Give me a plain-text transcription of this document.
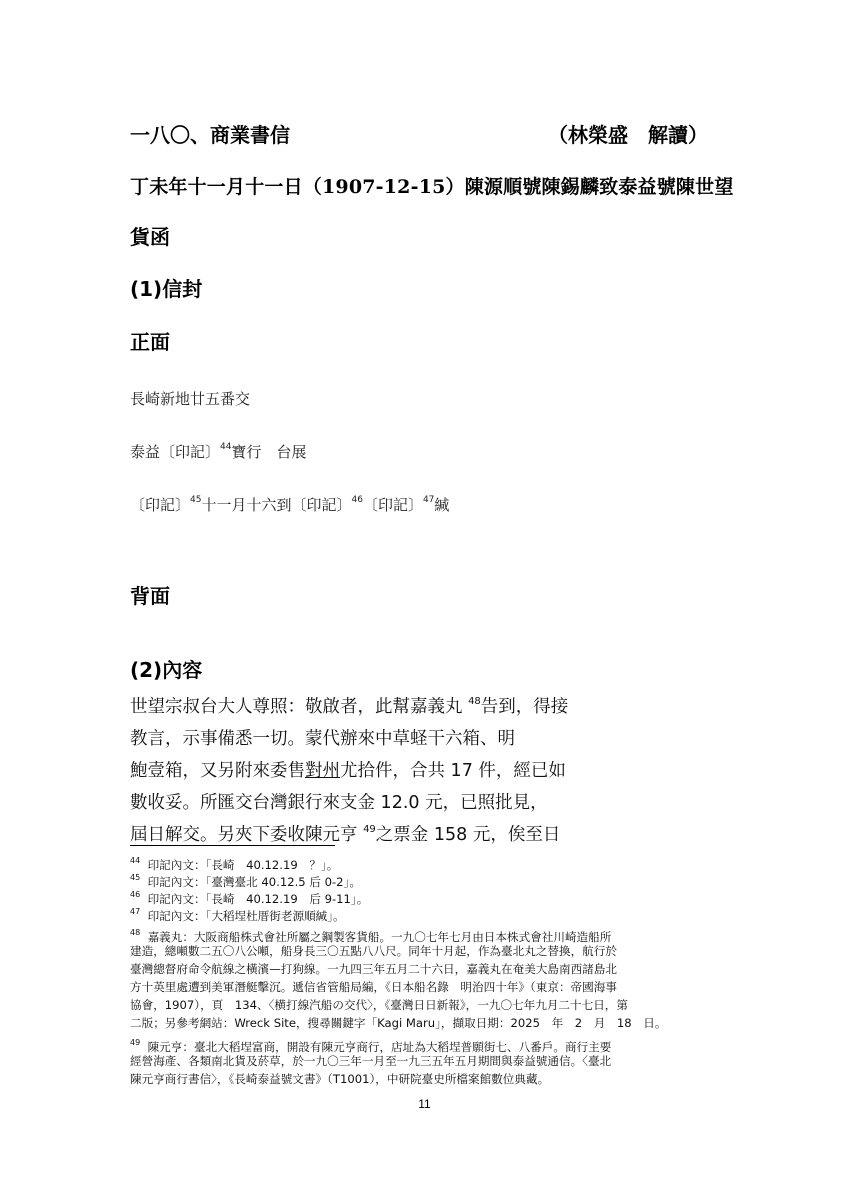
一八〇、商業書信	（林榮盛　解讀）
丁未年十一月十一日（1907-12-15）陳源順號陳錫麟致泰益號陳世望
貨函
(1)信封
正面
長崎新地廿五番交
泰益〔印記〕$^{44}$寶行　台展
〔印記〕$^{45}$十一月十六到〔印記〕$^{46}$〔印記〕$^{47}$緘
背面
(2)內容
世望宗叔台大人尊照：敬啟者，此幫嘉義丸 $^{48}$告到，得接
教言，示事備悉一切。蒙代辦來中草蛏干六箱、明
鮑壹箱，又另附來委售對州尤拾件，合共 17 件，經已如
數收妥。所匯交台灣銀行來支金 12.0 元，已照批見，
屆日解交。另夾下委收陳元亨 $^{49}$之票金 158 元，俟至日
$^{44}$ 印記內文：「長崎　40.12.19　？」。
$^{45}$ 印記內文：「臺灣臺北 40.12.5 后 0-2」。
$^{46}$ 印記內文：「長崎　40.12.19　后 9-11」。
$^{47}$ 印記內文：「大稻埕杜厝街老源順緘」。
$^{48}$ 嘉義丸：大阪商船株式會社所屬之鋼製客貨船。一九〇七年七月由日本株式會社川崎造船所
建造，總噸數二五〇八公噸，船身長三〇五點八八尺。同年十月起，作為臺北丸之替換，航行於
臺灣總督府命令航線之橫濱—打狗線。一九四三年五月二十六日，嘉義丸在奄美大島南西諸島北
方十英里處遭到美軍潛艇擊沉。遞信省管船局編，《日本船名錄　明治四十年》（東京：帝國海事
協會，1907），頁　134、〈横打線汽船の交代〉，《臺灣日日新報》，一九〇七年九月二十七日，第
二版；另參考網站：Wreck Site，搜尋關鍵字「Kagi Maru」，擷取日期：2025　年　2　月　18　日。
$^{49}$ 陳元亨：臺北大稻埕富商，開設有陳元亨商行，店址為大稻埕普願街七、八番戶。商行主要
經營海產、各類南北貨及菸草，於一九〇三年一月至一九三五年五月期間與泰益號通信。〈臺北
陳元亨商行書信〉，《長崎泰益號文書》（T1001），中研院臺史所檔案館數位典藏。
11
